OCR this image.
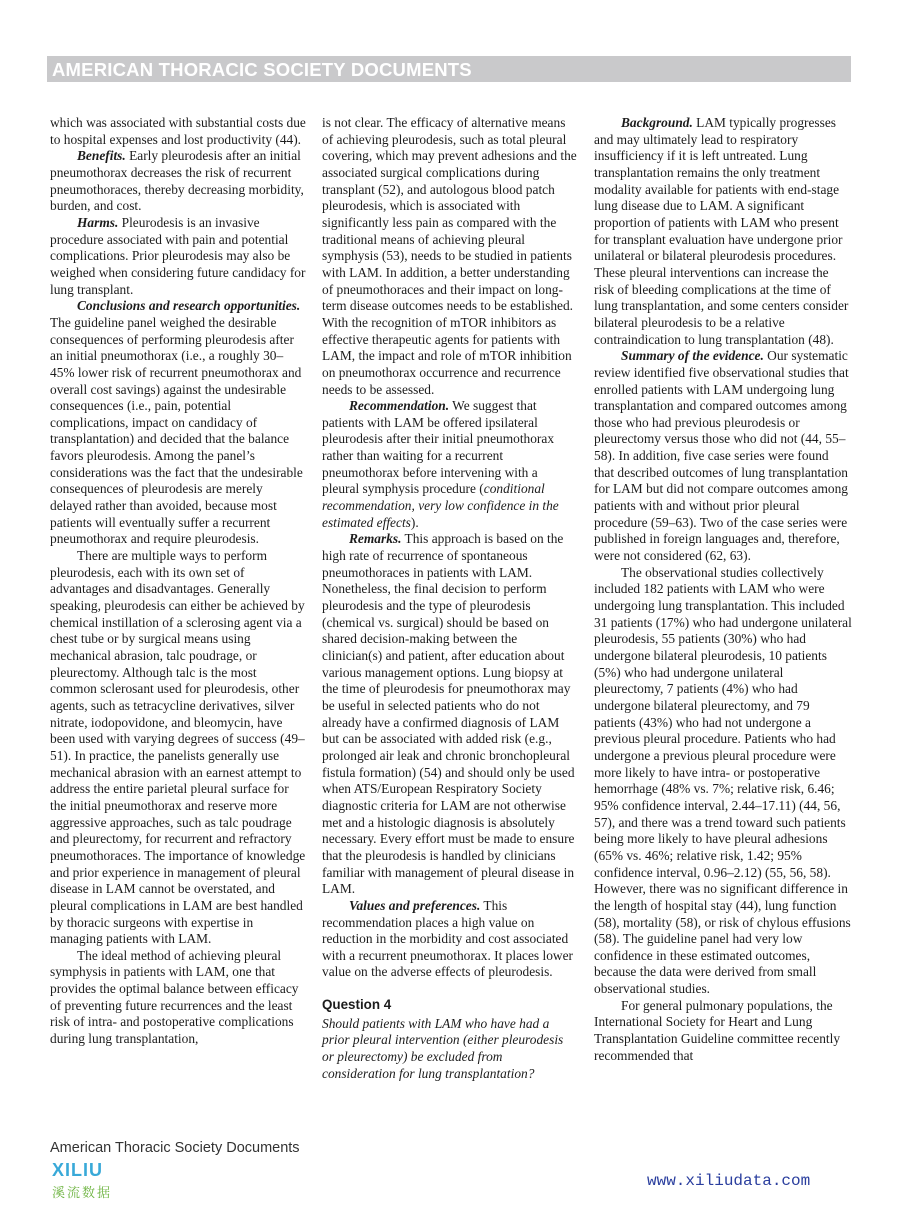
AMERICAN THORACIC SOCIETY DOCUMENTS

which was associated with substantial costs due to hospital expenses and lost productivity (44).

Benefits. Early pleurodesis after an initial pneumothorax decreases the risk of recurrent pneumothoraces, thereby decreasing morbidity, burden, and cost.

Harms. Pleurodesis is an invasive procedure associated with pain and potential complications. Prior pleurodesis may also be weighed when considering future candidacy for lung transplant.

Conclusions and research opportunities. The guideline panel weighed the desirable consequences of performing pleurodesis after an initial pneumothorax (i.e., a roughly 30–45% lower risk of recurrent pneumothorax and overall cost savings) against the undesirable consequences (i.e., pain, potential complications, impact on candidacy of transplantation) and decided that the balance favors pleurodesis. Among the panel’s considerations was the fact that the undesirable consequences of pleurodesis are merely delayed rather than avoided, because most patients will eventually suffer a recurrent pneumothorax and require pleurodesis.

There are multiple ways to perform pleurodesis, each with its own set of advantages and disadvantages. Generally speaking, pleurodesis can either be achieved by chemical instillation of a sclerosing agent via a chest tube or by surgical means using mechanical abrasion, talc poudrage, or pleurectomy. Although talc is the most common sclerosant used for pleurodesis, other agents, such as tetracycline derivatives, silver nitrate, iodopovidone, and bleomycin, have been used with varying degrees of success (49–51). In practice, the panelists generally use mechanical abrasion with an earnest attempt to address the entire parietal pleural surface for the initial pneumothorax and reserve more aggressive approaches, such as talc poudrage and pleurectomy, for recurrent and refractory pneumothoraces. The importance of knowledge and prior experience in management of pleural disease in LAM cannot be overstated, and pleural complications in LAM are best handled by thoracic surgeons with expertise in managing patients with LAM.

The ideal method of achieving pleural symphysis in patients with LAM, one that provides the optimal balance between efficacy of preventing future recurrences and the least risk of intra- and postoperative complications during lung transplantation,

is not clear. The efficacy of alternative means of achieving pleurodesis, such as total pleural covering, which may prevent adhesions and the associated surgical complications during transplant (52), and autologous blood patch pleurodesis, which is associated with significantly less pain as compared with the traditional means of achieving pleural symphysis (53), needs to be studied in patients with LAM. In addition, a better understanding of pneumothoraces and their impact on long-term disease outcomes needs to be established. With the recognition of mTOR inhibitors as effective therapeutic agents for patients with LAM, the impact and role of mTOR inhibition on pneumothorax occurrence and recurrence needs to be assessed.

Recommendation. We suggest that patients with LAM be offered ipsilateral pleurodesis after their initial pneumothorax rather than waiting for a recurrent pneumothorax before intervening with a pleural symphysis procedure (conditional recommendation, very low confidence in the estimated effects).

Remarks. This approach is based on the high rate of recurrence of spontaneous pneumothoraces in patients with LAM. Nonetheless, the final decision to perform pleurodesis and the type of pleurodesis (chemical vs. surgical) should be based on shared decision-making between the clinician(s) and patient, after education about various management options. Lung biopsy at the time of pleurodesis for pneumothorax may be useful in selected patients who do not already have a confirmed diagnosis of LAM but can be associated with added risk (e.g., prolonged air leak and chronic bronchopleural fistula formation) (54) and should only be used when ATS/European Respiratory Society diagnostic criteria for LAM are not otherwise met and a histologic diagnosis is absolutely necessary. Every effort must be made to ensure that the pleurodesis is handled by clinicians familiar with management of pleural disease in LAM.

Values and preferences. This recommendation places a high value on reduction in the morbidity and cost associated with a recurrent pneumothorax. It places lower value on the adverse effects of pleurodesis.

Question 4

Should patients with LAM who have had a prior pleural intervention (either pleurodesis or pleurectomy) be excluded from consideration for lung transplantation?

Background. LAM typically progresses and may ultimately lead to respiratory insufficiency if it is left untreated. Lung transplantation remains the only treatment modality available for patients with end-stage lung disease due to LAM. A significant proportion of patients with LAM who present for transplant evaluation have undergone prior unilateral or bilateral pleurodesis procedures. These pleural interventions can increase the risk of bleeding complications at the time of lung transplantation, and some centers consider bilateral pleurodesis to be a relative contraindication to lung transplantation (48).

Summary of the evidence. Our systematic review identified five observational studies that enrolled patients with LAM undergoing lung transplantation and compared outcomes among those who had previous pleurodesis or pleurectomy versus those who did not (44, 55–58). In addition, five case series were found that described outcomes of lung transplantation for LAM but did not compare outcomes among patients with and without prior pleural procedure (59–63). Two of the case series were published in foreign languages and, therefore, were not considered (62, 63).

The observational studies collectively included 182 patients with LAM who were undergoing lung transplantation. This included 31 patients (17%) who had undergone unilateral pleurodesis, 55 patients (30%) who had undergone bilateral pleurodesis, 10 patients (5%) who had undergone unilateral pleurectomy, 7 patients (4%) who had undergone bilateral pleurectomy, and 79 patients (43%) who had not undergone a previous pleural procedure. Patients who had undergone a previous pleural procedure were more likely to have intra- or postoperative hemorrhage (48% vs. 7%; relative risk, 6.46; 95% confidence interval, 2.44–17.11) (44, 56, 57), and there was a trend toward such patients being more likely to have pleural adhesions (65% vs. 46%; relative risk, 1.42; 95% confidence interval, 0.96–2.12) (55, 56, 58). However, there was no significant difference in the length of hospital stay (44), lung function (58), mortality (58), or risk of chylous effusions (58). The guideline panel had very low confidence in these estimated outcomes, because the data were derived from small observational studies.

For general pulmonary populations, the International Society for Heart and Lung Transplantation Guideline committee recently recommended that

American Thoracic Society Documents
XILIU
溪流数据
www.xiliudata.com
